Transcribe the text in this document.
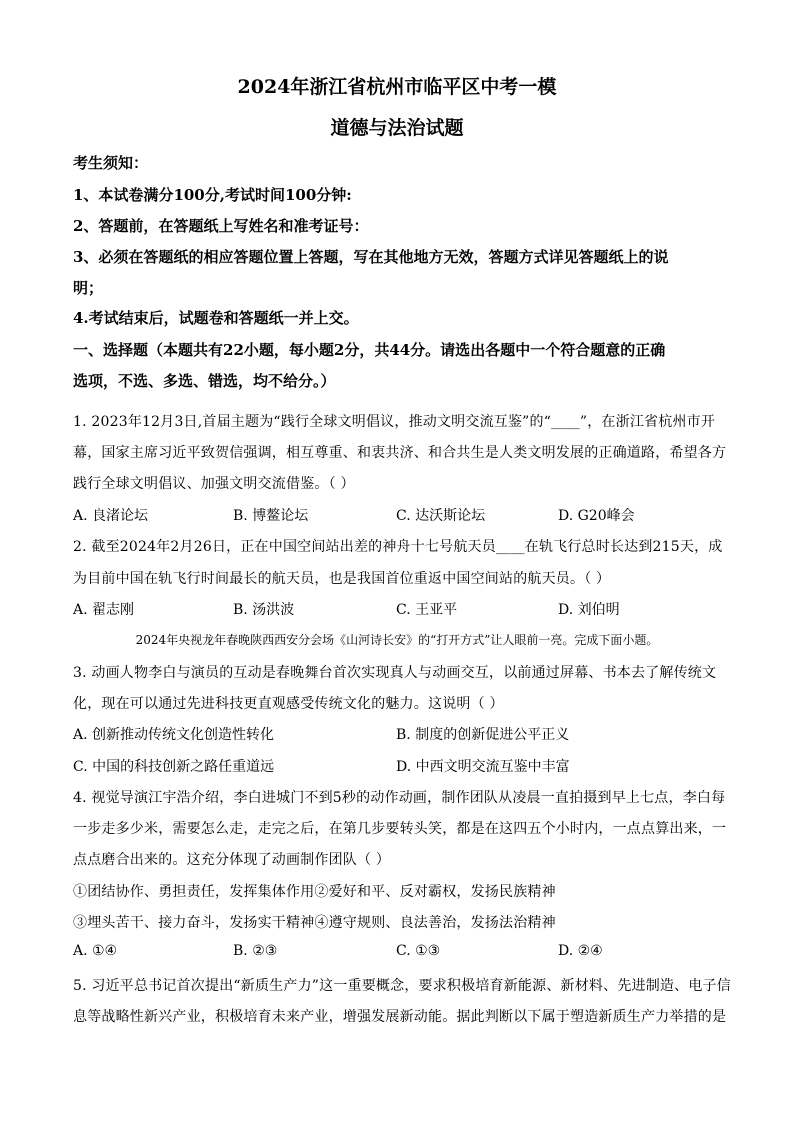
2024年浙江省杭州市临平区中考一模
道德与法治试题
考生须知：
1、本试卷满分100分,考试时间100分钟:
2、答题前，在答题纸上写姓名和准考证号：
3、必须在答题纸的相应答题位置上答题，写在其他地方无效，答题方式详见答题纸上的说
明；
4.考试结束后，试题卷和答题纸一并上交。
一、选择题（本题共有22小题，每小题2分，共44分。请选出各题中一个符合题意的正确
选项，不选、多选、错选，均不给分。）
1. 2023年12月3日,首届主题为“践行全球文明倡议，推动文明交流互鉴”的“____”，在浙江省杭州市开
幕，国家主席习近平致贺信强调，相互尊重、和衷共济、和合共生是人类文明发展的正确道路，希望各方
践行全球文明倡议、加强文明交流借鉴。（ ）
A. 良渚论坛	B. 博鳌论坛	C. 达沃斯论坛	D. G20峰会
2. 截至2024年2月26日，正在中国空间站出差的神舟十七号航天员____在轨飞行总时长达到215天，成
为目前中国在轨飞行时间最长的航天员，也是我国首位重返中国空间站的航天员。（ ）
A. 翟志刚	B. 汤洪波	C. 王亚平	D. 刘伯明
2024年央视龙年春晚陕西西安分会场《山河诗长安》的“打开方式”让人眼前一亮。完成下面小题。
3. 动画人物李白与演员的互动是春晚舞台首次实现真人与动画交互，以前通过屏幕、书本去了解传统文
化，现在可以通过先进科技更直观感受传统文化的魅力。这说明（ ）
A. 创新推动传统文化创造性转化	B. 制度的创新促进公平正义
C. 中国的科技创新之路任重道远	D. 中西文明交流互鉴中丰富
4. 视觉导演江宇浩介绍，李白进城门不到5秒的动作动画，制作团队从凌晨一直拍摄到早上七点，李白每
一步走多少米，需要怎么走，走完之后，在第几步要转头笑，都是在这四五个小时内，一点点算出来，一
点点磨合出来的。这充分体现了动画制作团队（ ）
①团结协作、勇担责任，发挥集体作用②爱好和平、反对霸权，发扬民族精神
③埋头苦干、接力奋斗，发扬实干精神④遵守规则、良法善治，发扬法治精神
A. ①④	B. ②③	C. ①③	D. ②④
5. 习近平总书记首次提出“新质生产力”这一重要概念，要求积极培育新能源、新材料、先进制造、电子信
息等战略性新兴产业，积极培育未来产业，增强发展新动能。据此判断以下属于塑造新质生产力举措的是
